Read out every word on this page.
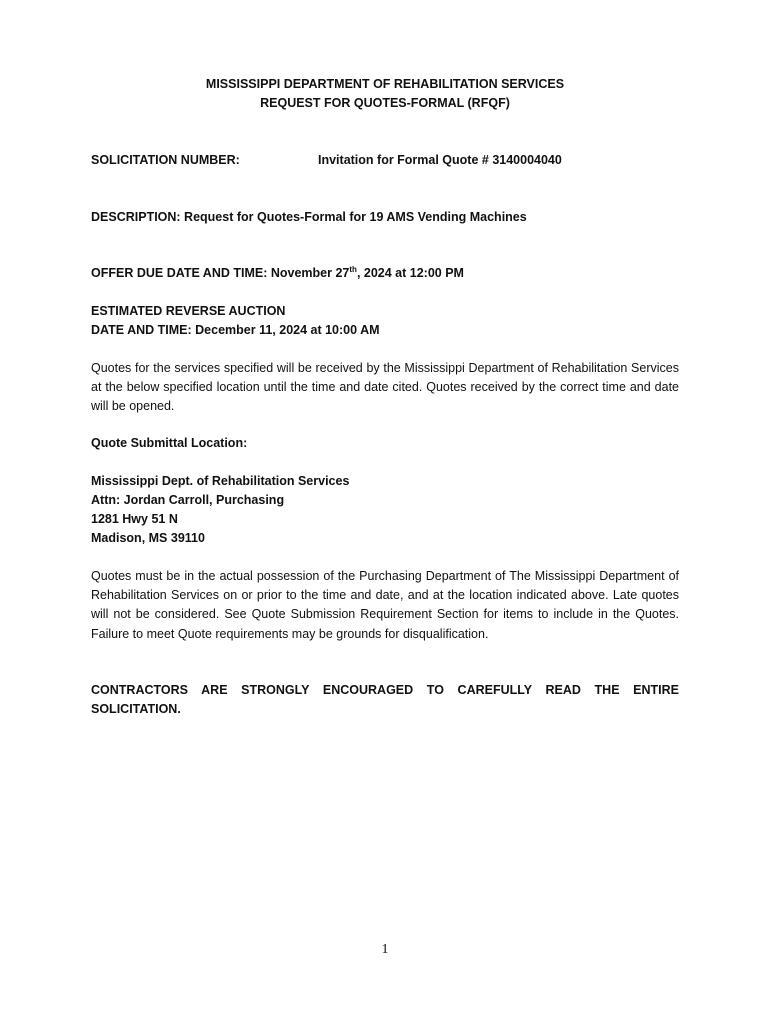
MISSISSIPPI DEPARTMENT OF REHABILITATION SERVICES
REQUEST FOR QUOTES-FORMAL (RFQF)
SOLICITATION NUMBER:	Invitation for Formal Quote # 3140004040
DESCRIPTION: Request for Quotes-Formal for 19 AMS Vending Machines
OFFER DUE DATE AND TIME: November 27th, 2024 at 12:00 PM
ESTIMATED REVERSE AUCTION
DATE AND TIME: December 11, 2024 at 10:00 AM
Quotes for the services specified will be received by the Mississippi Department of Rehabilitation Services at the below specified location until the time and date cited. Quotes received by the correct time and date will be opened.
Quote Submittal Location:
Mississippi Dept. of Rehabilitation Services
Attn: Jordan Carroll, Purchasing
1281 Hwy 51 N
Madison, MS 39110
Quotes must be in the actual possession of the Purchasing Department of The Mississippi Department of Rehabilitation Services on or prior to the time and date, and at the location indicated above. Late quotes will not be considered. See Quote Submission Requirement Section for items to include in the Quotes. Failure to meet Quote requirements may be grounds for disqualification.
CONTRACTORS ARE STRONGLY ENCOURAGED TO CAREFULLY READ THE ENTIRE SOLICITATION.
1
